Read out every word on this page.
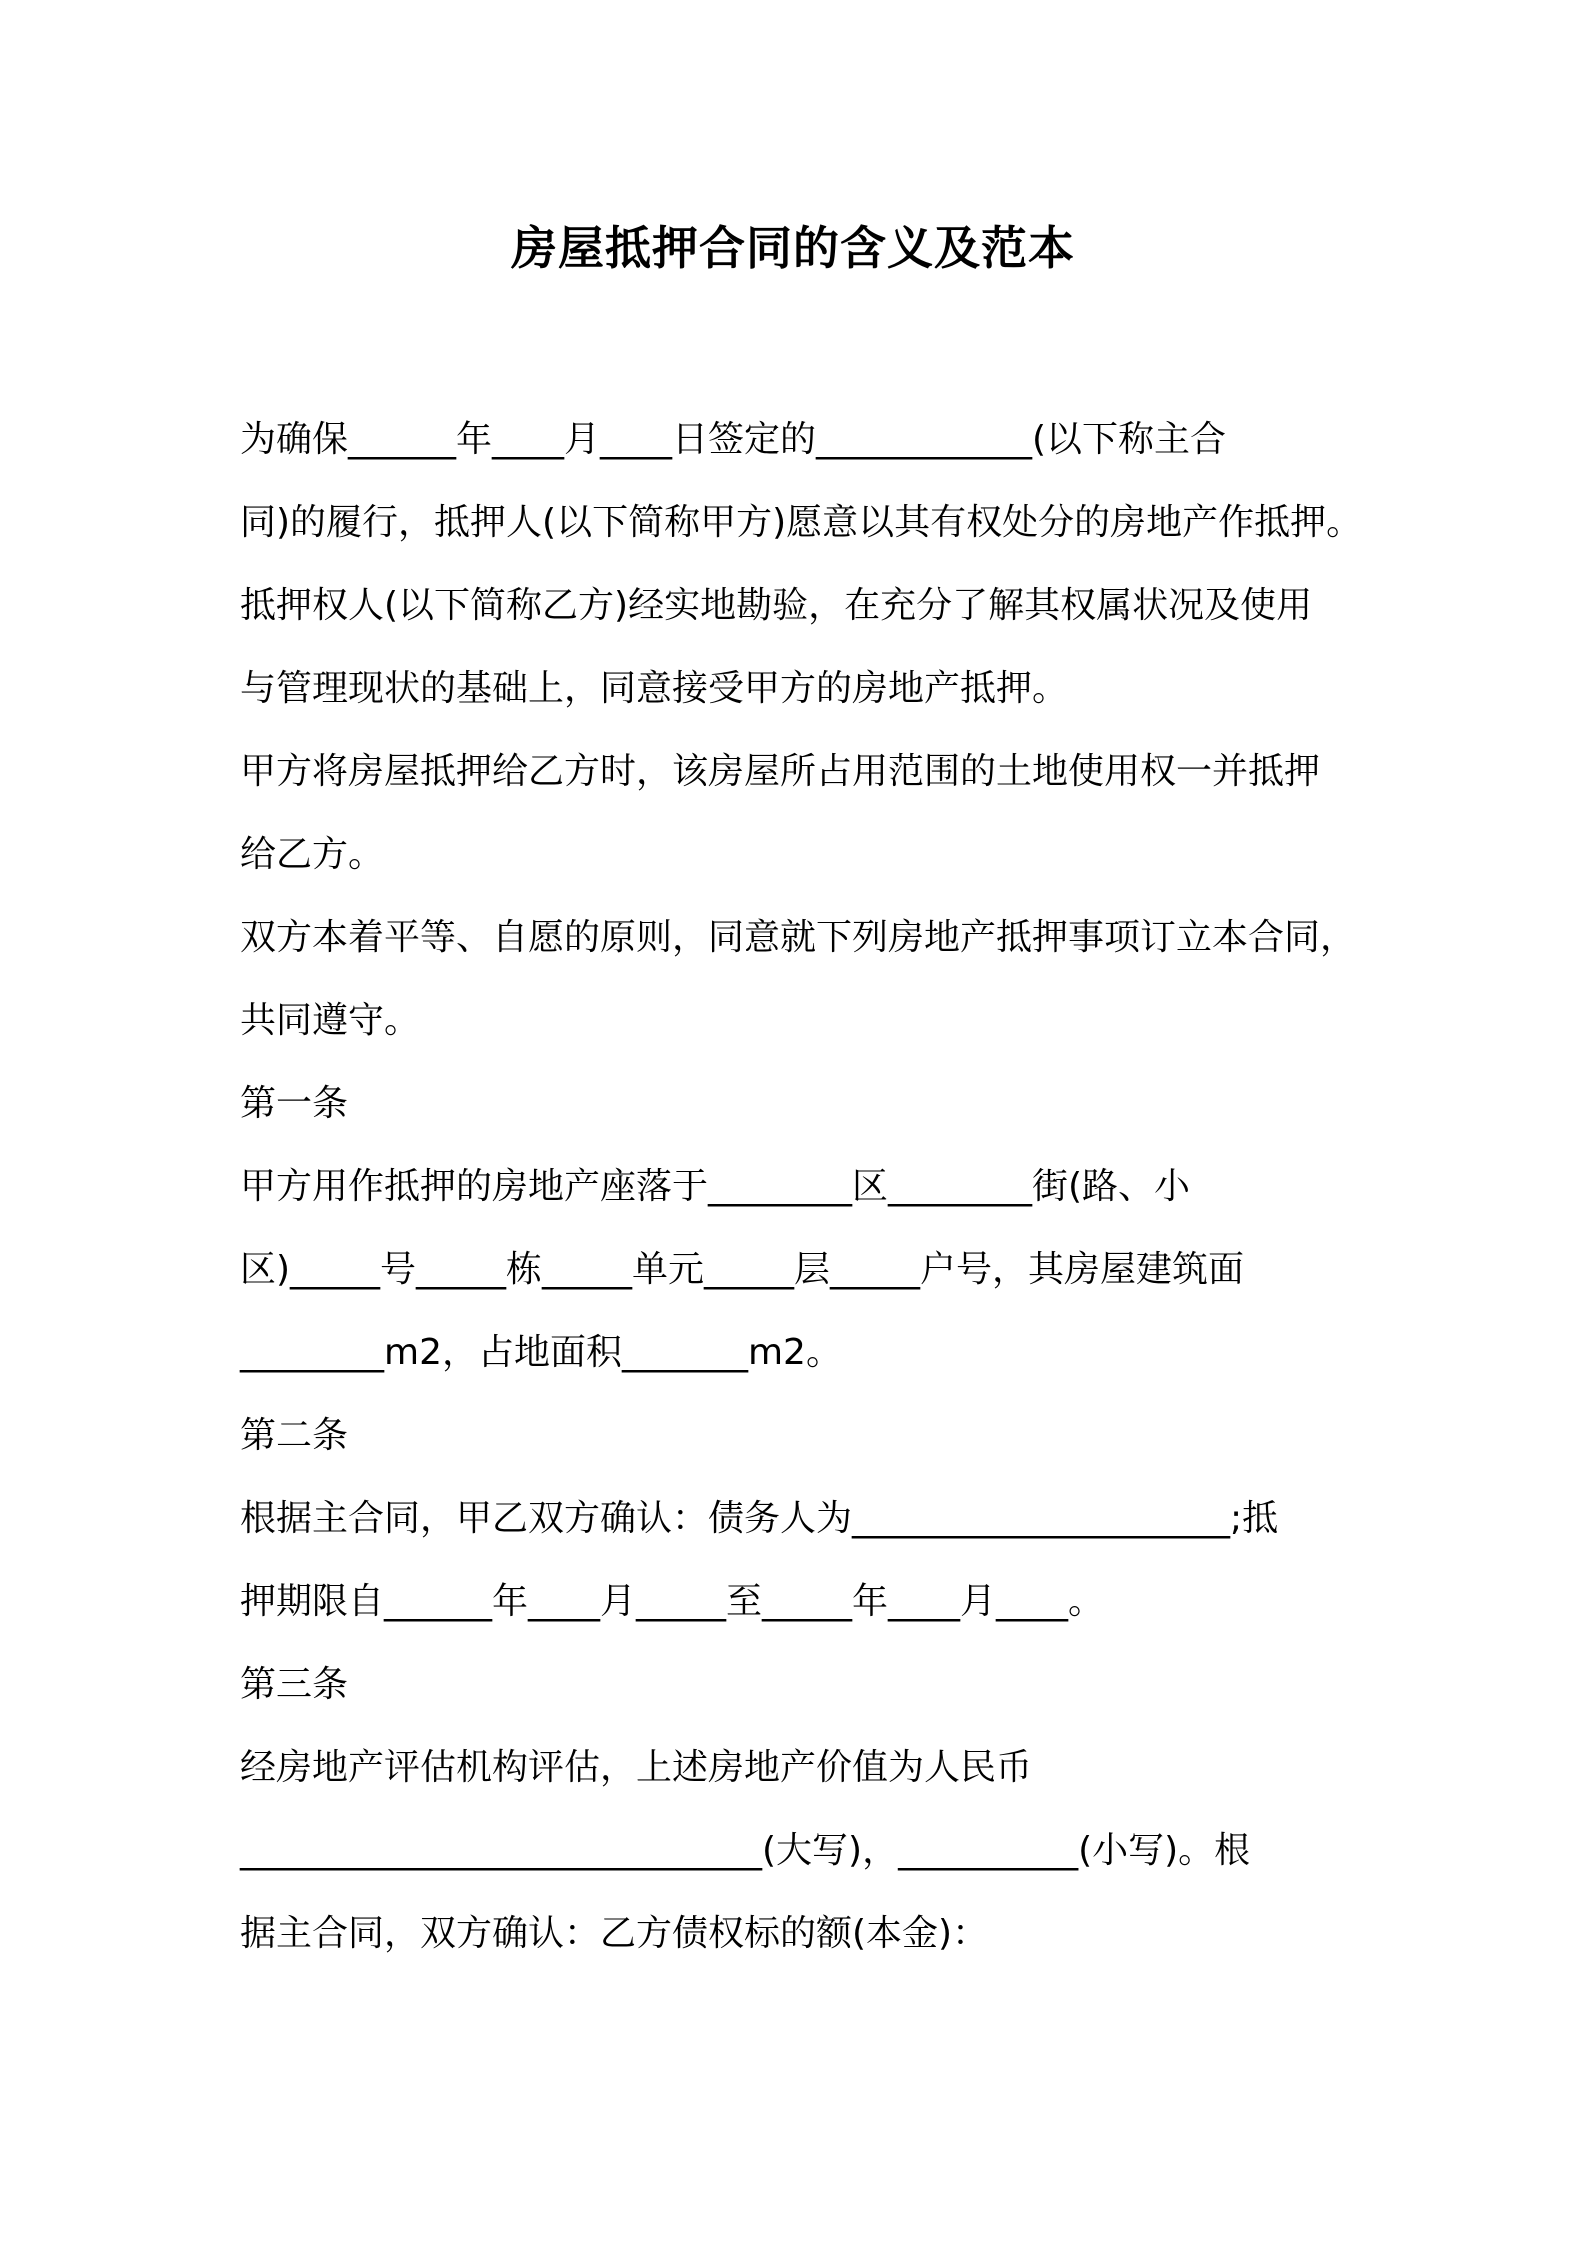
房屋抵押合同的含义及范本
为确保______年____月____日签定的____________(以下称主合
同)的履行，抵押人(以下简称甲方)愿意以其有权处分的房地产作抵押。
抵押权人(以下简称乙方)经实地勘验，在充分了解其权属状况及使用
与管理现状的基础上，同意接受甲方的房地产抵押。
甲方将房屋抵押给乙方时，该房屋所占用范围的土地使用权一并抵押
给乙方。
双方本着平等、自愿的原则，同意就下列房地产抵押事项订立本合同，
共同遵守。
第一条
甲方用作抵押的房地产座落于________区________街(路、小
区)_____号_____栋_____单元_____层_____户号，其房屋建筑面
________m2，占地面积_______m2。
第二条
根据主合同，甲乙双方确认：债务人为_____________________;抵
押期限自______年____月_____至_____年____月____。
第三条
经房地产评估机构评估，上述房地产价值为人民币
_____________________________(大写)，__________(小写)。根
据主合同，双方确认：乙方债权标的额(本金)：
